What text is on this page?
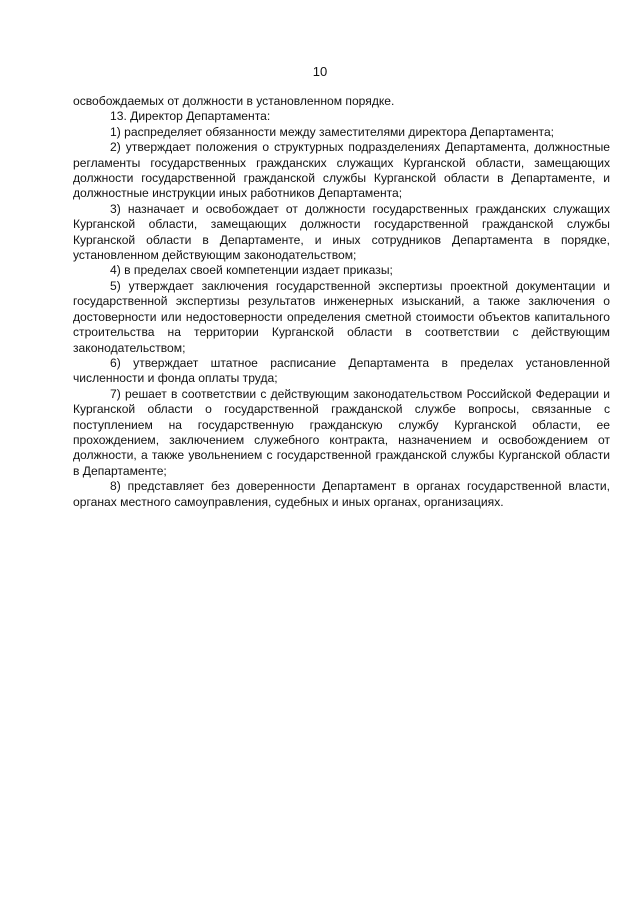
10

освобождаемых от должности в установленном порядке.

13. Директор Департамента:

1) распределяет обязанности между заместителями директора Департамента;

2) утверждает положения о структурных подразделениях Департамента, должностные регламенты государственных гражданских служащих Курганской области, замещающих должности государственной гражданской службы Курганской области в Департаменте, и должностные инструкции иных работников Департамента;

3) назначает и освобождает от должности государственных гражданских служащих Курганской области, замещающих должности государственной гражданской службы Курганской области в Департаменте, и иных сотрудников Департамента в порядке, установленном действующим законодательством;

4) в пределах своей компетенции издает приказы;

5) утверждает заключения государственной экспертизы проектной документации и государственной экспертизы результатов инженерных изысканий, а также заключения о достоверности или недостоверности определения сметной стоимости объектов капитального строительства на территории Курганской области в соответствии с действующим законодательством;

6) утверждает штатное расписание Департамента в пределах установленной численности и фонда оплаты труда;

7) решает в соответствии с действующим законодательством Российской Федерации и Курганской области о государственной гражданской службе вопросы, связанные с поступлением на государственную гражданскую службу Курганской области, ее прохождением, заключением служебного контракта, назначением и освобождением от должности, а также увольнением с государственной гражданской службы Курганской области в Департаменте;

8) представляет без доверенности Департамент в органах государственной власти, органах местного самоуправления, судебных и иных органах, организациях.
